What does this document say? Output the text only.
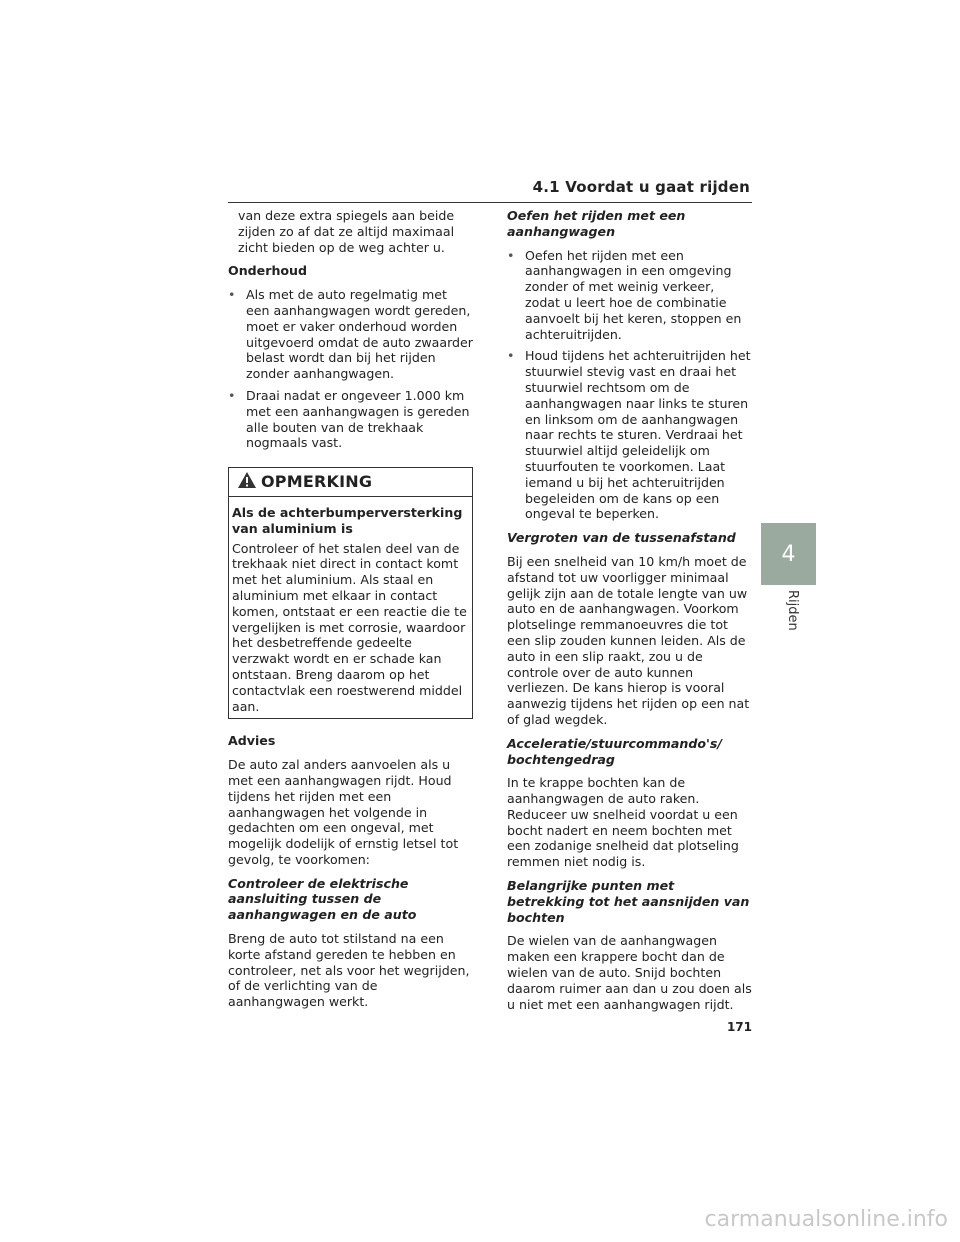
4.1 Voordat u gaat rijden

van deze extra spiegels aan beide zijden zo af dat ze altijd maximaal zicht bieden op de weg achter u.

Onderhoud

• Als met de auto regelmatig met een aanhangwagen wordt gereden, moet er vaker onderhoud worden uitgevoerd omdat de auto zwaarder belast wordt dan bij het rijden zonder aanhangwagen.
• Draai nadat er ongeveer 1.000 km met een aanhangwagen is gereden alle bouten van de trekhaak nogmaals vast.
OPMERKING

Als de achterbumperversterking van aluminium is

Controleer of het stalen deel van de trekhaak niet direct in contact komt met het aluminium. Als staal en aluminium met elkaar in contact komen, ontstaat er een reactie die te vergelijken is met corrosie, waardoor het desbetreffende gedeelte verzwakt wordt en er schade kan ontstaan. Breng daarom op het contactvlak een roestwerend middel aan.

Advies

De auto zal anders aanvoelen als u met een aanhangwagen rijdt. Houd tijdens het rijden met een aanhangwagen het volgende in gedachten om een ongeval, met mogelijk dodelijk of ernstig letsel tot gevolg, te voorkomen:

Controleer de elektrische aansluiting tussen de aanhangwagen en de auto

Breng de auto tot stilstand na een korte afstand gereden te hebben en controleer, net als voor het wegrijden, of de verlichting van de aanhangwagen werkt.

Oefen het rijden met een aanhangwagen

• Oefen het rijden met een aanhangwagen in een omgeving zonder of met weinig verkeer, zodat u leert hoe de combinatie aanvoelt bij het keren, stoppen en achteruitrijden.
• Houd tijdens het achteruitrijden het stuurwiel stevig vast en draai het stuurwiel rechtsom om de aanhangwagen naar links te sturen en linksom om de aanhangwagen naar rechts te sturen. Verdraai het stuurwiel altijd geleidelijk om stuurfouten te voorkomen. Laat iemand u bij het achteruitrijden begeleiden om de kans op een ongeval te beperken.

Vergroten van de tussenafstand

Bij een snelheid van 10 km/h moet de afstand tot uw voorligger minimaal gelijk zijn aan de totale lengte van uw auto en de aanhangwagen. Voorkom plotselinge remmanoeuvres die tot een slip zouden kunnen leiden. Als de auto in een slip raakt, zou u de controle over de auto kunnen verliezen. De kans hierop is vooral aanwezig tijdens het rijden op een nat of glad wegdek.

Acceleratie/stuurcommando's/ bochtengedrag

In te krappe bochten kan de aanhangwagen de auto raken. Reduceer uw snelheid voordat u een bocht nadert en neem bochten met een zodanige snelheid dat plotseling remmen niet nodig is.

Belangrijke punten met betrekking tot het aansnijden van bochten

De wielen van de aanhangwagen maken een krappere bocht dan de wielen van de auto. Snijd bochten daarom ruimer aan dan u zou doen als u niet met een aanhangwagen rijdt.

4
Rijden
171
carmanualsonline.info
